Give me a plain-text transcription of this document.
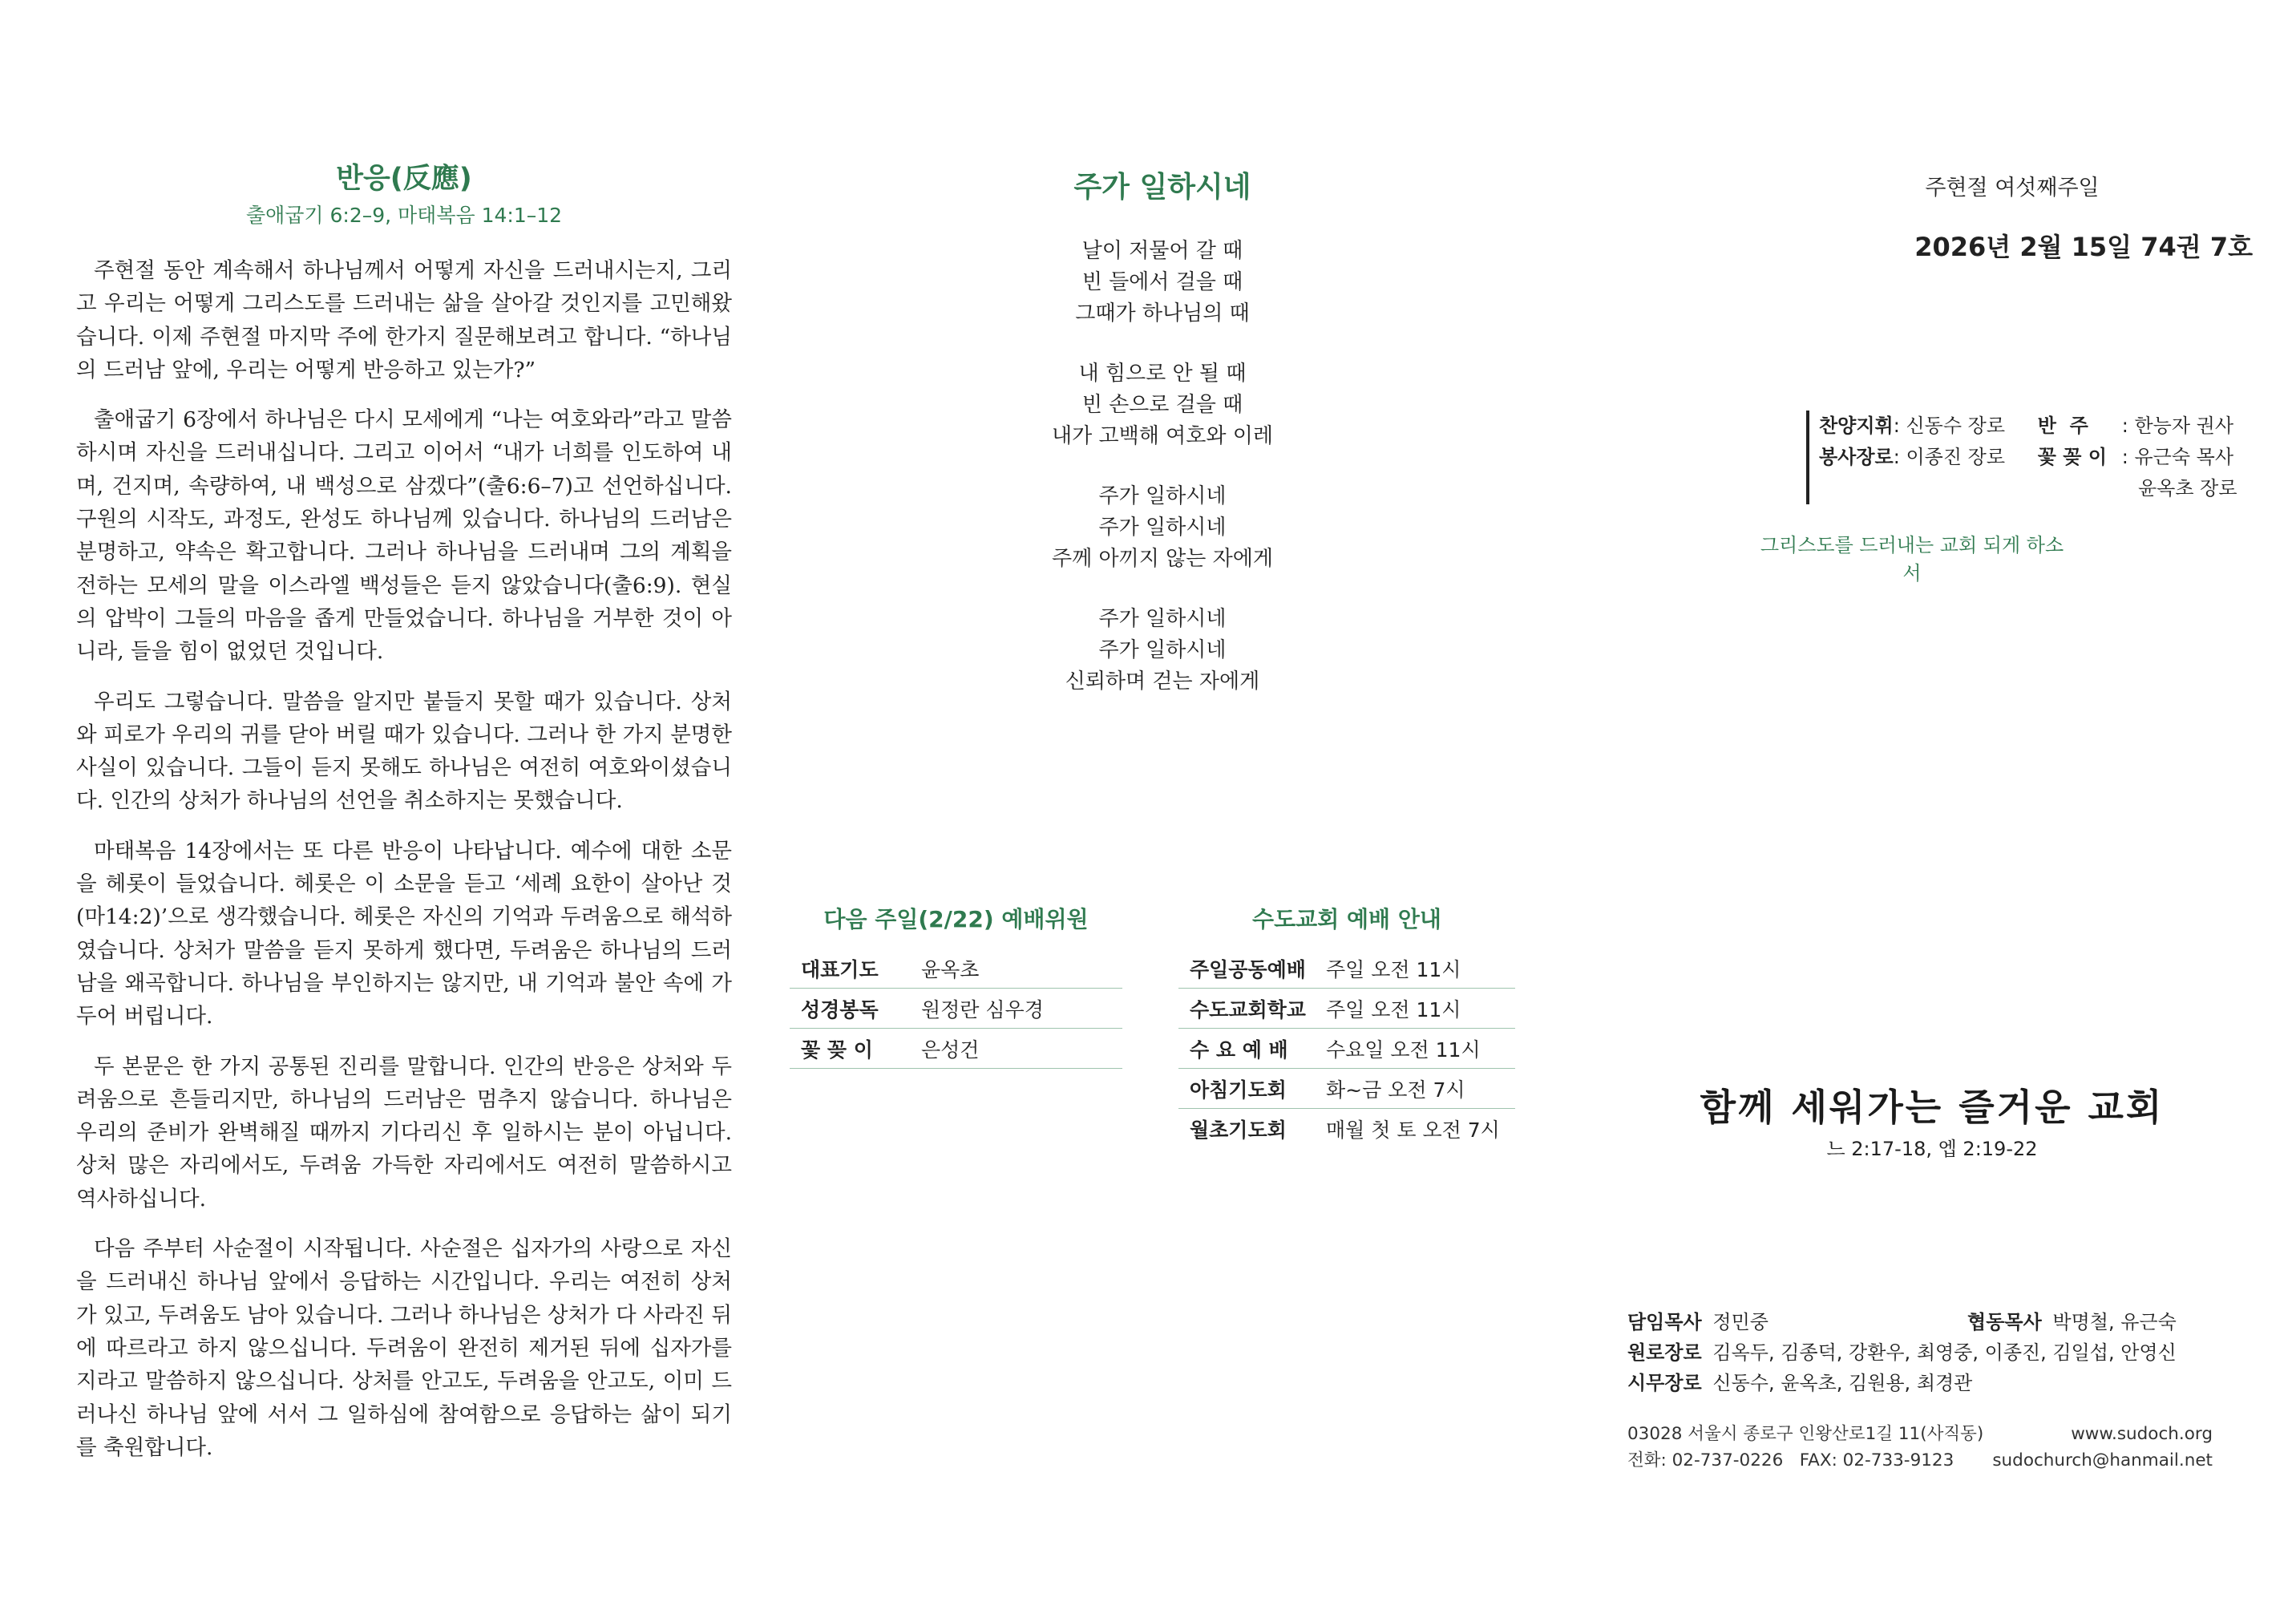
반응(反應)
출애굽기 6:2–9, 마태복음 14:1–12

주현절 동안 계속해서 하나님께서 어떻게 자신을 드러내시는지, 그리고 우리는 어떻게 그리스도를 드러내는 삶을 살아갈 것인지를 고민해왔습니다. 이제 주현절 마지막 주에 한가지 질문해보려고 합니다. “하나님의 드러남 앞에, 우리는 어떻게 반응하고 있는가?”

출애굽기 6장에서 하나님은 다시 모세에게 “나는 여호와라”라고 말씀하시며 자신을 드러내십니다. 그리고 이어서 “내가 너희를 인도하여 내며, 건지며, 속량하여, 내 백성으로 삼겠다”(출6:6–7)고 선언하십니다. 구원의 시작도, 과정도, 완성도 하나님께 있습니다. 하나님의 드러남은 분명하고, 약속은 확고합니다. 그러나 하나님을 드러내며 그의 계획을 전하는 모세의 말을 이스라엘 백성들은 듣지 않았습니다(출6:9). 현실의 압박이 그들의 마음을 좁게 만들었습니다. 하나님을 거부한 것이 아니라, 들을 힘이 없었던 것입니다.

우리도 그렇습니다. 말씀을 알지만 붙들지 못할 때가 있습니다. 상처와 피로가 우리의 귀를 닫아 버릴 때가 있습니다. 그러나 한 가지 분명한 사실이 있습니다. 그들이 듣지 못해도 하나님은 여전히 여호와이셨습니다. 인간의 상처가 하나님의 선언을 취소하지는 못했습니다.

마태복음 14장에서는 또 다른 반응이 나타납니다. 예수에 대한 소문을 헤롯이 들었습니다. 헤롯은 이 소문을 듣고 ‘세례 요한이 살아난 것(마14:2)’으로 생각했습니다. 헤롯은 자신의 기억과 두려움으로 해석하였습니다. 상처가 말씀을 듣지 못하게 했다면, 두려움은 하나님의 드러남을 왜곡합니다. 하나님을 부인하지는 않지만, 내 기억과 불안 속에 가두어 버립니다.

두 본문은 한 가지 공통된 진리를 말합니다. 인간의 반응은 상처와 두려움으로 흔들리지만, 하나님의 드러남은 멈추지 않습니다. 하나님은 우리의 준비가 완벽해질 때까지 기다리신 후 일하시는 분이 아닙니다. 상처 많은 자리에서도, 두려움 가득한 자리에서도 여전히 말씀하시고 역사하십니다.

다음 주부터 사순절이 시작됩니다. 사순절은 십자가의 사랑으로 자신을 드러내신 하나님 앞에서 응답하는 시간입니다. 우리는 여전히 상처가 있고, 두려움도 남아 있습니다. 그러나 하나님은 상처가 다 사라진 뒤에 따르라고 하지 않으십니다. 두려움이 완전히 제거된 뒤에 십자가를 지라고 말씀하지 않으십니다. 상처를 안고도, 두려움을 안고도, 이미 드러나신 하나님 앞에 서서 그 일하심에 참여함으로 응답하는 삶이 되기를 축원합니다.

주가 일하시네
날이 저물어 갈 때
빈 들에서 걸을 때
그때가 하나님의 때
내 힘으로 안 될 때
빈 손으로 걸을 때
내가 고백해 여호와 이레
주가 일하시네
주가 일하시네
주께 아끼지 않는 자에게
주가 일하시네
주가 일하시네
신뢰하며 걷는 자에게
다음 주일(2/22) 예배위원
대표기도	윤옥초
성경봉독	원정란 심우경
꽃 꽂 이	은성건
수도교회 예배 안내
주일공동예배	주일 오전 11시
수도교회학교	주일 오전 11시
수 요 예 배	수요일 오전 11시
아침기도회	화~금 오전 7시
월초기도회	매월 첫 토 오전 7시
주현절 여섯째주일
2026년 2월 15일 74권 7호
찬양지휘 : 신동수 장로	반  주	: 한능자 권사
봉사장로 : 이종진 장로	꽃 꽂 이 : 유근숙 목사
윤옥초 장로
그리스도를 드러내는 교회 되게 하소서
함께 세워가는 즐거운 교회
느 2:17-18, 엡 2:19-22
담임목사 정민중	협동목사 박명철, 유근숙
원로장로 김옥두, 김종덕, 강환우, 최영중, 이종진, 김일섭, 안영신
시무장로 신동수, 윤옥초, 김원용, 최경관
03028 서울시 종로구 인왕산로1길 11(사직동)	www.sudoch.org
전화: 02-737-0226   FAX: 02-733-9123 sudochurch@hanmail.net
